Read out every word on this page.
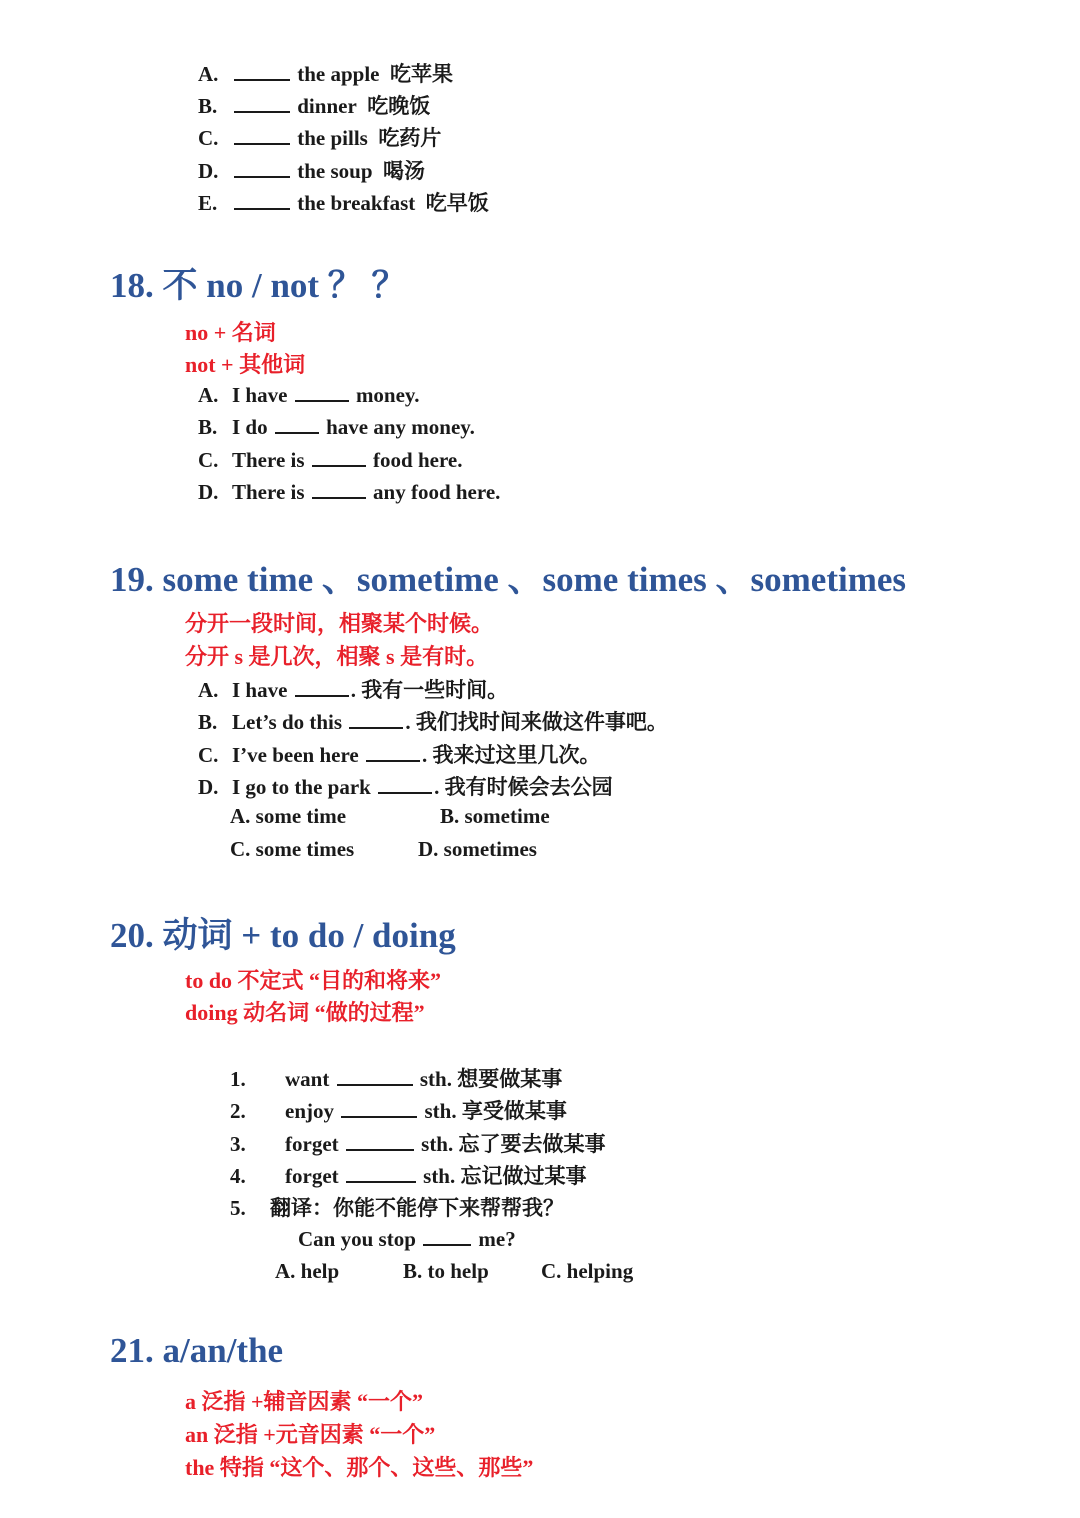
A.	the apple 吃苹果
B.	dinner 吃晚饭
C.	the pills 吃药片
D.	the soup 喝汤
E.	the breakfast 吃早饭
18. 不 no / not ？ ？
no + 名词
not + 其他词
A. I have	money.
B. I do	have any money.
C. There is	food here.
D. There is	any food here.
19. some time 、sometime 、some times 、sometimes
分开一段时间，相聚某个时候。
分开 s 是几次，相聚 s 是有时。
A. I have	. 我有一些时间。
B. Let’s do this	. 我们找时间来做这件事吧。
C. I’ve been here	. 我来过这里几次。
D. I go to the park	. 我有时候会去公园
A. some time	B. sometime
C. some times	D. sometimes
20. 动词 + to do / doing
to do 不定式 “目的和将来”
doing 动名词 “做的过程”
1. want	sth. 想要做某事
2. enjoy	sth. 享受做某事
3. forget	sth. 忘了要去做某事
4. forget	sth. 忘记做过某事
5. 翻译：你能不能停下来帮帮我？
Can you stop	me?
A. help	B. to help C. helping
21. a/an/the
a 泛指 +辅音因素 “一个”
an 泛指 +元音因素 “一个”
the 特指 “这个、那个、这些、那些”
